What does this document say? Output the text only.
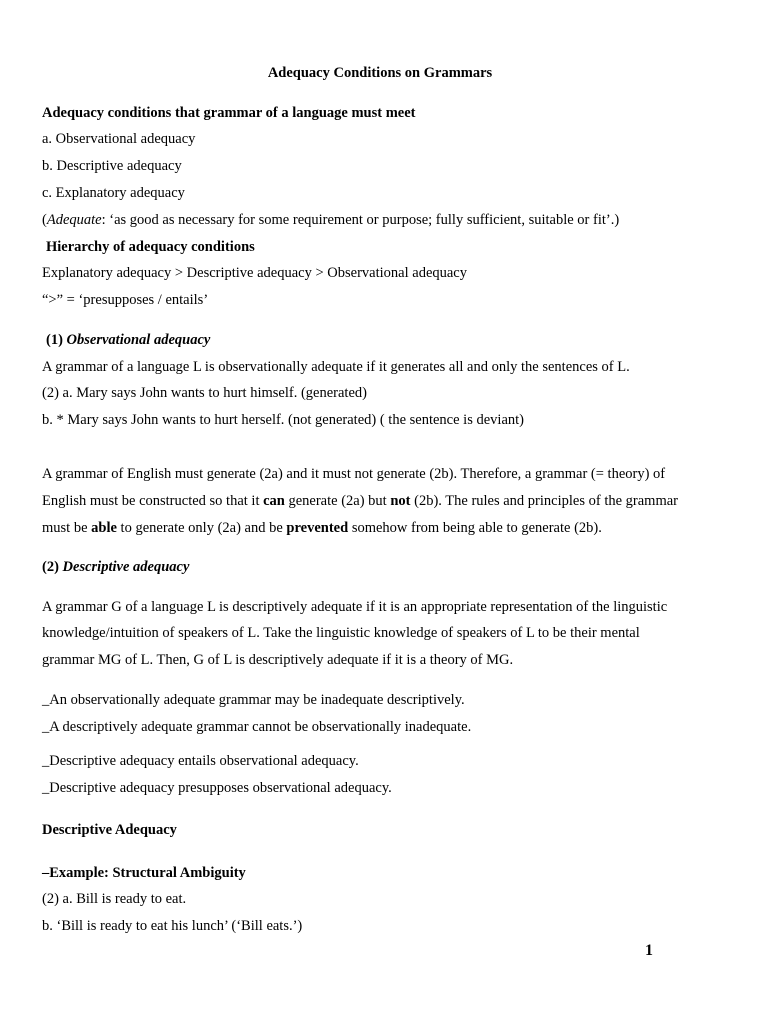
Adequacy Conditions on Grammars
Adequacy conditions that grammar of a language must meet
a. Observational adequacy
b. Descriptive adequacy
c. Explanatory adequacy
(Adequate: ‘as good as necessary for some requirement or purpose; fully sufficient, suitable or fit’.)
Hierarchy of adequacy conditions
Explanatory adequacy > Descriptive adequacy > Observational adequacy
“>” = ‘presupposes / entails’
(1) Observational adequacy
A grammar of a language L is observationally adequate if it generates all and only the sentences of L.
(2) a. Mary says John wants to hurt himself. (generated)
b. * Mary says John wants to hurt herself. (not generated) ( the sentence is deviant)
A grammar of English must generate (2a) and it must not generate (2b). Therefore, a grammar (= theory) of
English must be constructed so that it can generate (2a) but not (2b). The rules and principles of the grammar
must be able to generate only (2a) and be prevented somehow from being able to generate (2b).
(2) Descriptive adequacy
A grammar G of a language L is descriptively adequate if it is an appropriate representation of the linguistic
knowledge/intuition of speakers of L. Take the linguistic knowledge of speakers of L to be their mental
grammar MG of L. Then, G of L is descriptively adequate if it is a theory of MG.
_An observationally adequate grammar may be inadequate descriptively.
_A descriptively adequate grammar cannot be observationally inadequate.
_Descriptive adequacy entails observational adequacy.
_Descriptive adequacy presupposes observational adequacy.
Descriptive Adequacy
–Example: Structural Ambiguity
(2) a. Bill is ready to eat.
b. ‘Bill is ready to eat his lunch’ (‘Bill eats.’)
1
